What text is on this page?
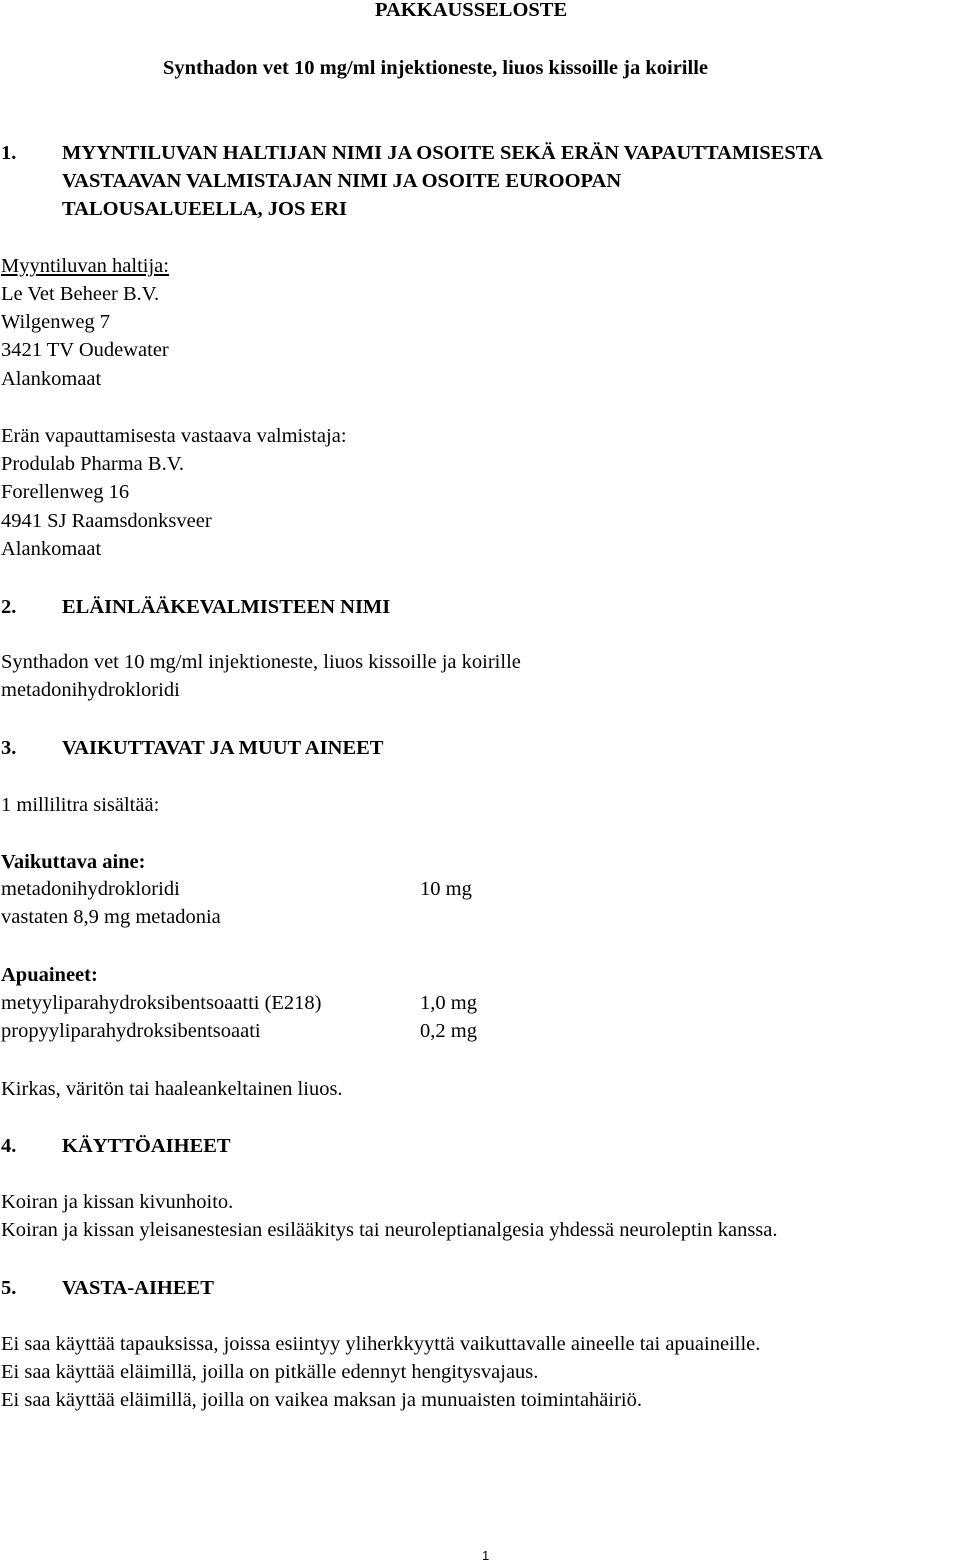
PAKKAUSSELOSTE
Synthadon vet 10 mg/ml injektioneste, liuos kissoille ja koirille
1. MYYNTILUVAN HALTIJAN NIMI JA OSOITE SEKÄ ERÄN VAPAUTTAMISESTA
VASTAAVAN VALMISTAJAN NIMI JA OSOITE EUROOPAN
TALOUSALUEELLA, JOS ERI
Myyntiluvan haltija:
Le Vet Beheer B.V.
Wilgenweg 7
3421 TV Oudewater
Alankomaat
Erän vapauttamisesta vastaava valmistaja:
Produlab Pharma B.V.
Forellenweg 16
4941 SJ Raamsdonksveer
Alankomaat
2. ELÄINLÄÄKEVALMISTEEN NIMI
Synthadon vet 10 mg/ml injektioneste, liuos kissoille ja koirille
metadonihydrokloridi
3. VAIKUTTAVAT JA MUUT AINEET
1 millilitra sisältää:
Vaikuttava aine:
metadonihydrokloridi	10 mg
vastaten 8,9 mg metadonia
Apuaineet:
metyyliparahydroksibentsoaatti (E218)	1,0 mg
propyyliparahydroksibentsoaati	0,2 mg
Kirkas, väritön tai haaleankeltainen liuos.
4. KÄYTTÖAIHEET
Koiran ja kissan kivunhoito.
Koiran ja kissan yleisanestesian esilääkitys tai neuroleptianalgesia yhdessä neuroleptin kanssa.
5. VASTA-AIHEET
Ei saa käyttää tapauksissa, joissa esiintyy yliherkkyyttä vaikuttavalle aineelle tai apuaineille.
Ei saa käyttää eläimillä, joilla on pitkälle edennyt hengitysvajaus.
Ei saa käyttää eläimillä, joilla on vaikea maksan ja munuaisten toimintahäiriö.
1
